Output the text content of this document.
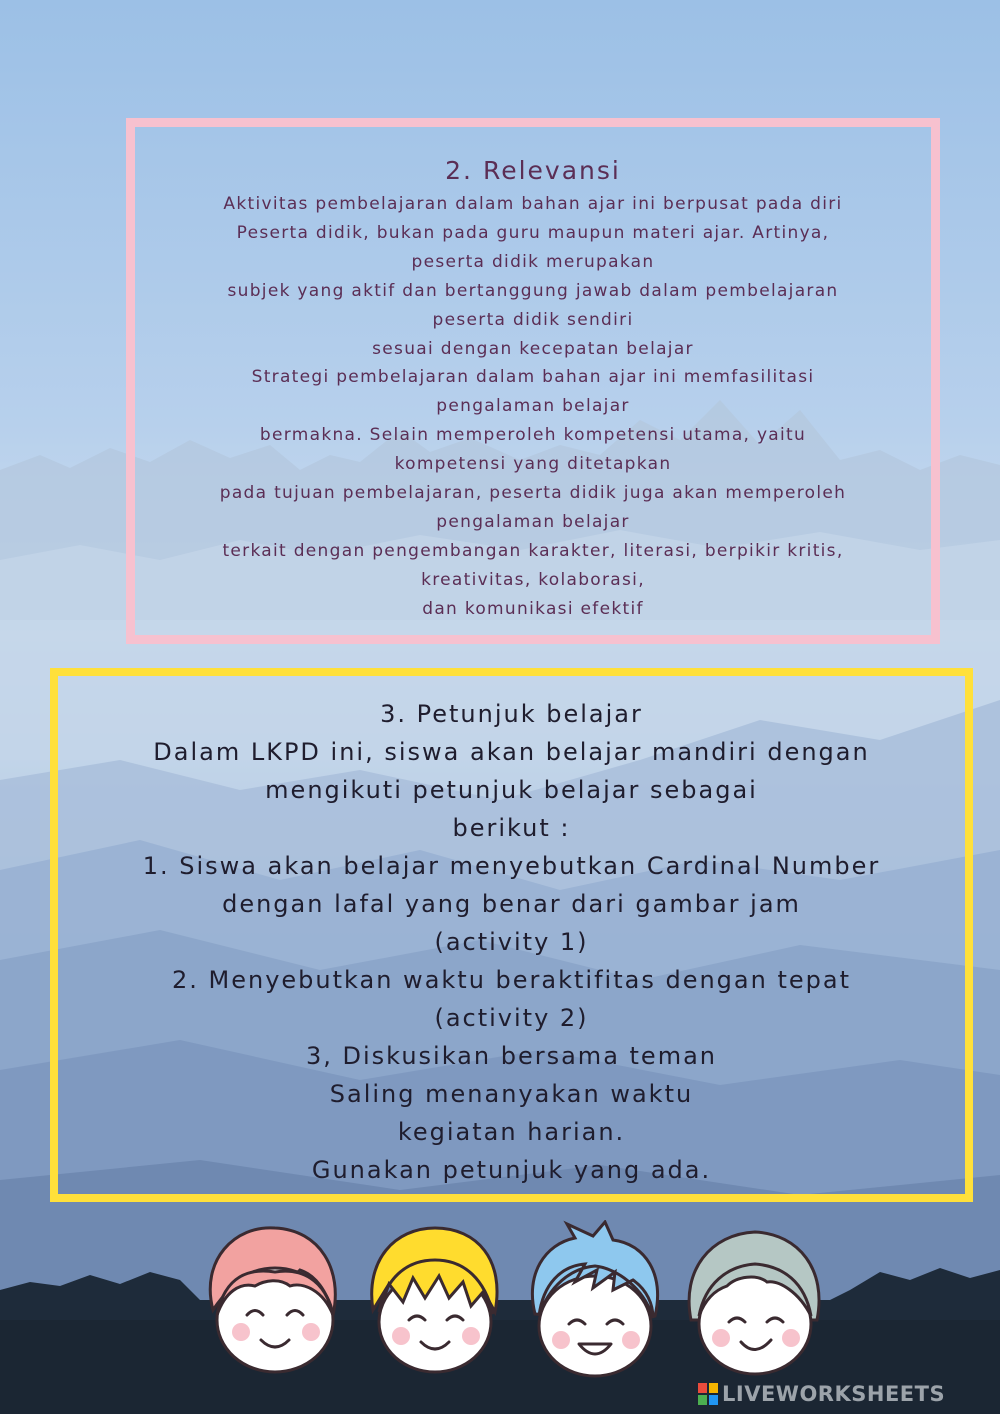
2. Relevansi
Aktivitas pembelajaran dalam bahan ajar ini berpusat pada diri
Peserta didik, bukan pada guru maupun materi ajar. Artinya,
peserta didik merupakan
subjek yang aktif dan bertanggung jawab dalam pembelajaran
peserta didik sendiri
sesuai dengan kecepatan belajar
Strategi pembelajaran dalam bahan ajar ini memfasilitasi
pengalaman belajar
bermakna. Selain memperoleh kompetensi utama, yaitu
kompetensi yang ditetapkan
pada tujuan pembelajaran, peserta didik juga akan memperoleh
pengalaman belajar
terkait dengan pengembangan karakter, literasi, berpikir kritis,
kreativitas, kolaborasi,
dan komunikasi efektif
3. Petunjuk belajar
Dalam LKPD ini, siswa akan belajar mandiri dengan
mengikuti petunjuk belajar sebagai
berikut :
1. Siswa akan belajar menyebutkan Cardinal Number
dengan lafal yang benar dari gambar jam
(activity 1)
2. Menyebutkan waktu beraktifitas dengan tepat
(activity 2)
3, Diskusikan bersama teman
Saling menanyakan waktu
kegiatan harian.
Gunakan petunjuk yang ada.
LIVEWORKSHEETS
